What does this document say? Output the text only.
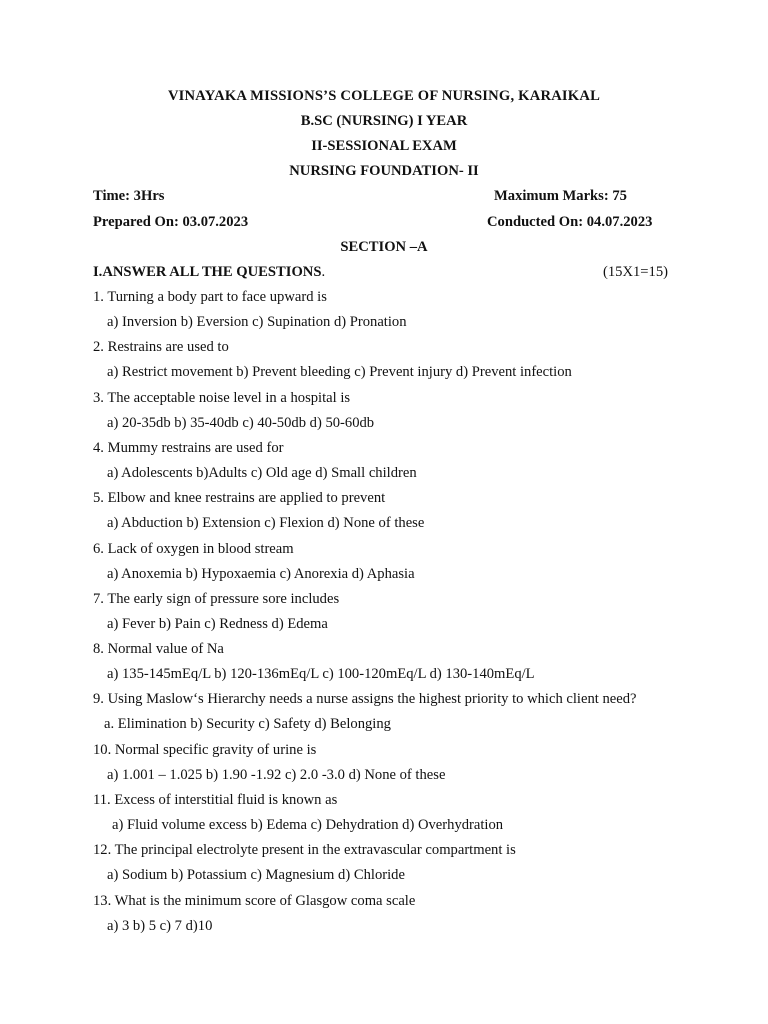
VINAYAKA MISSIONS’S COLLEGE OF NURSING, KARAIKAL
B.SC (NURSING) I YEAR
II-SESSIONAL EXAM
NURSING FOUNDATION- II
Time: 3Hrs	Maximum Marks: 75
Prepared On: 03.07.2023	Conducted On: 04.07.2023
SECTION –A
I.ANSWER ALL THE QUESTIONS.	(15X1=15)
1. Turning a body part to face upward is
a) Inversion b) Eversion c) Supination d) Pronation
2. Restrains are used to
a) Restrict movement b) Prevent bleeding c) Prevent injury d) Prevent infection
3. The acceptable noise level in a hospital is
a) 20-35db b) 35-40db c) 40-50db d) 50-60db
4. Mummy restrains are used for
a) Adolescents b)Adults c) Old age d) Small children
5. Elbow and knee restrains are applied to prevent
a) Abduction b) Extension c) Flexion d) None of these
6. Lack of oxygen in blood stream
a) Anoxemia b) Hypoxaemia c) Anorexia d) Aphasia
7. The early sign of pressure sore includes
a) Fever b) Pain c) Redness d) Edema
8. Normal value of Na
a) 135-145mEq/L b) 120-136mEq/L c) 100-120mEq/L d) 130-140mEq/L
9. Using Maslow‘s Hierarchy needs a nurse assigns the highest priority to which client need?
a. Elimination b) Security c) Safety d) Belonging
10. Normal specific gravity of urine is
a) 1.001 – 1.025 b) 1.90 -1.92 c) 2.0 -3.0 d) None of these
11. Excess of interstitial fluid is known as
a) Fluid volume excess b) Edema c) Dehydration d) Overhydration
12. The principal electrolyte present in the extravascular compartment is
a) Sodium b) Potassium c) Magnesium d) Chloride
13. What is the minimum score of Glasgow coma scale
a) 3 b) 5 c) 7 d)10
